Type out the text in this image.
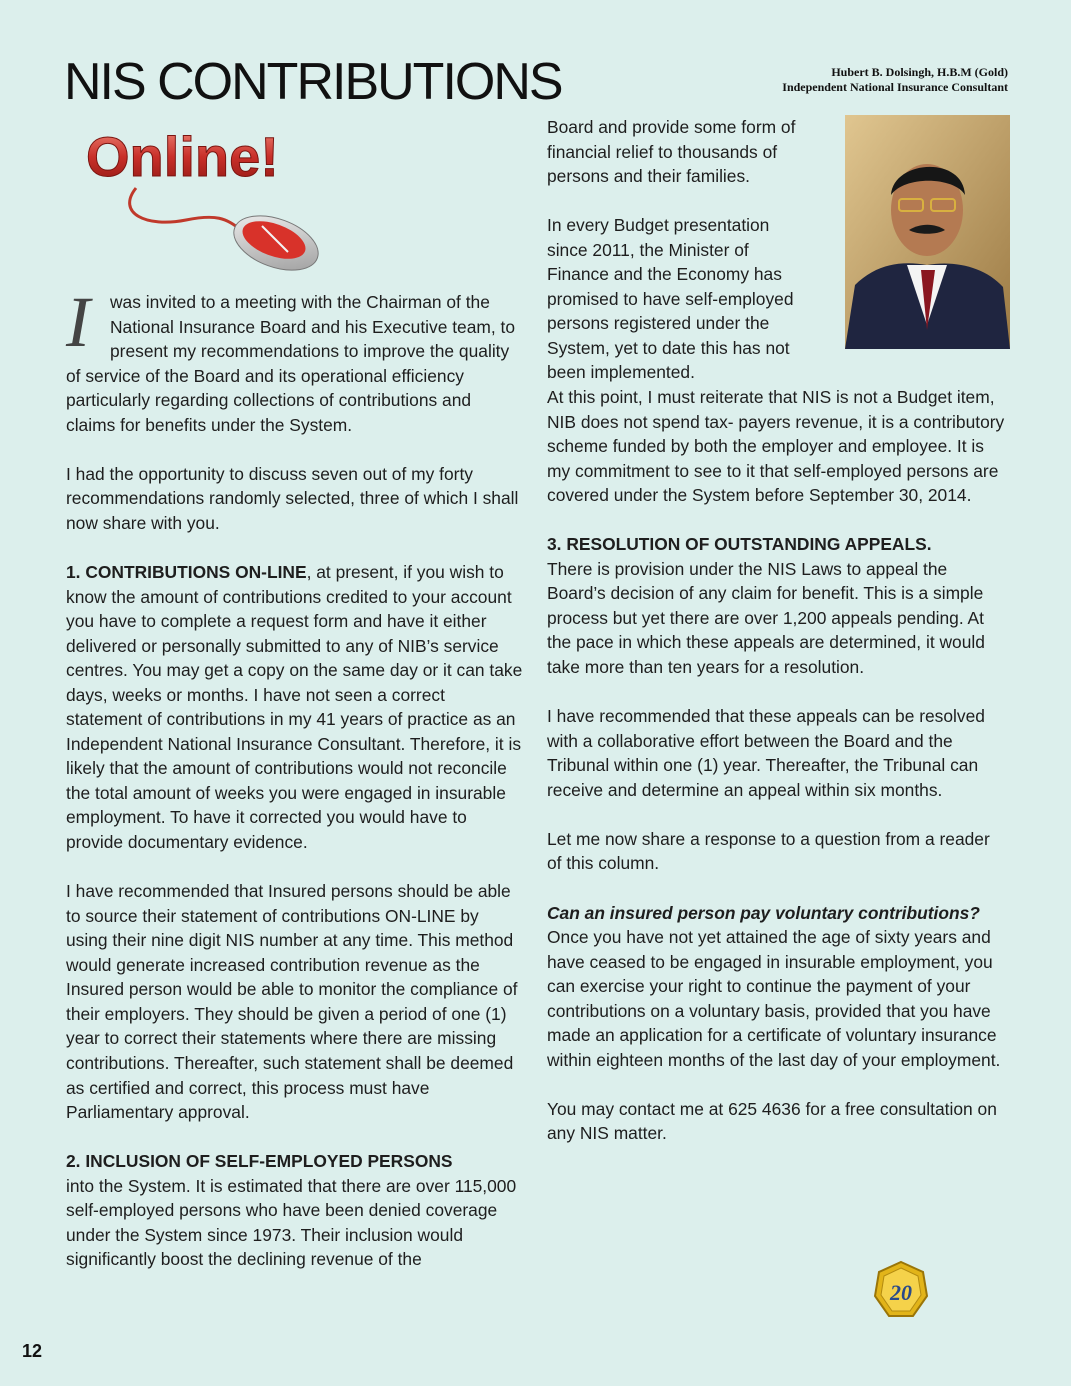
NIS CONTRIBUTIONS	Hubert B. Dolsingh, H.B.M (Gold)
Independent National Insurance Consultant
Online!

I	was invited to a meeting with the Chairman of the National Insurance Board and his Executive team, to present my recommendations to improve the quality of service of the Board and its operational efficiency particularly regarding collections of contributions and claims for benefits under the System.

I had the opportunity to discuss seven out of my forty recommendations randomly selected, three of which I shall now share with you.

1. CONTRIBUTIONS ON-LINE, at present, if you wish to know the amount of contributions credited to your account you have to complete a request form and have it either delivered or personally submitted to any of NIB’s service centres. You may get a copy on the same day or it can take days, weeks or months. I have not seen a correct statement of contributions in my 41 years of practice as an Independent National Insurance Consultant. Therefore, it is likely that the amount of contributions would not reconcile the total amount of weeks you were engaged in insurable employment. To have it corrected you would have to provide documentary evidence.

I have recommended that Insured persons should be able to source their statement of contributions ON-LINE by using their nine digit NIS number at any time. This method would generate increased contribution revenue as the Insured person would be able to monitor the compliance of their employers. They should be given a period of one (1) year to correct their statements where there are missing contributions. Thereafter, such statement shall be deemed as certified and correct, this process must have Parliamentary approval.

2. INCLUSION OF SELF-EMPLOYED PERSONS
into the System. It is estimated that there are over 115,000 self-employed persons who have been denied coverage under the System since 1973. Their inclusion would significantly boost the declining revenue of the

Board and provide some form of financial relief to thousands of persons and their families.

In every Budget presentation since 2011, the Minister of Finance and the Economy has promised to have self-employed persons registered under the System, yet to date this has not been implemented.

At this point, I must reiterate that NIS is not a Budget item, NIB does not spend tax- payers revenue, it is a contributory scheme funded by both the employer and employee. It is my commitment to see to it that self-employed persons are covered under the System before September 30, 2014.

3. RESOLUTION OF OUTSTANDING APPEALS.
There is provision under the NIS Laws to appeal the Board’s decision of any claim for benefit. This is a simple process but yet there are over 1,200 appeals pending. At the pace in which these appeals are determined, it would take more than ten years for a resolution.

I have recommended that these appeals can be resolved with a collaborative effort between the Board and the Tribunal within one (1) year. Thereafter, the Tribunal can receive and determine an appeal within six months.

Let me now share a response to a question from a reader of this column.

Can an insured person pay voluntary contributions?
Once you have not yet attained the age of sixty years and have ceased to be engaged in insurable employment, you can exercise your right to continue the payment of your contributions on a voluntary basis, provided that you have made an application for a certificate of voluntary insurance within eighteen months of the last day of your employment.

You may contact me at 625 4636 for a free consultation on any NIS matter.

20
12
